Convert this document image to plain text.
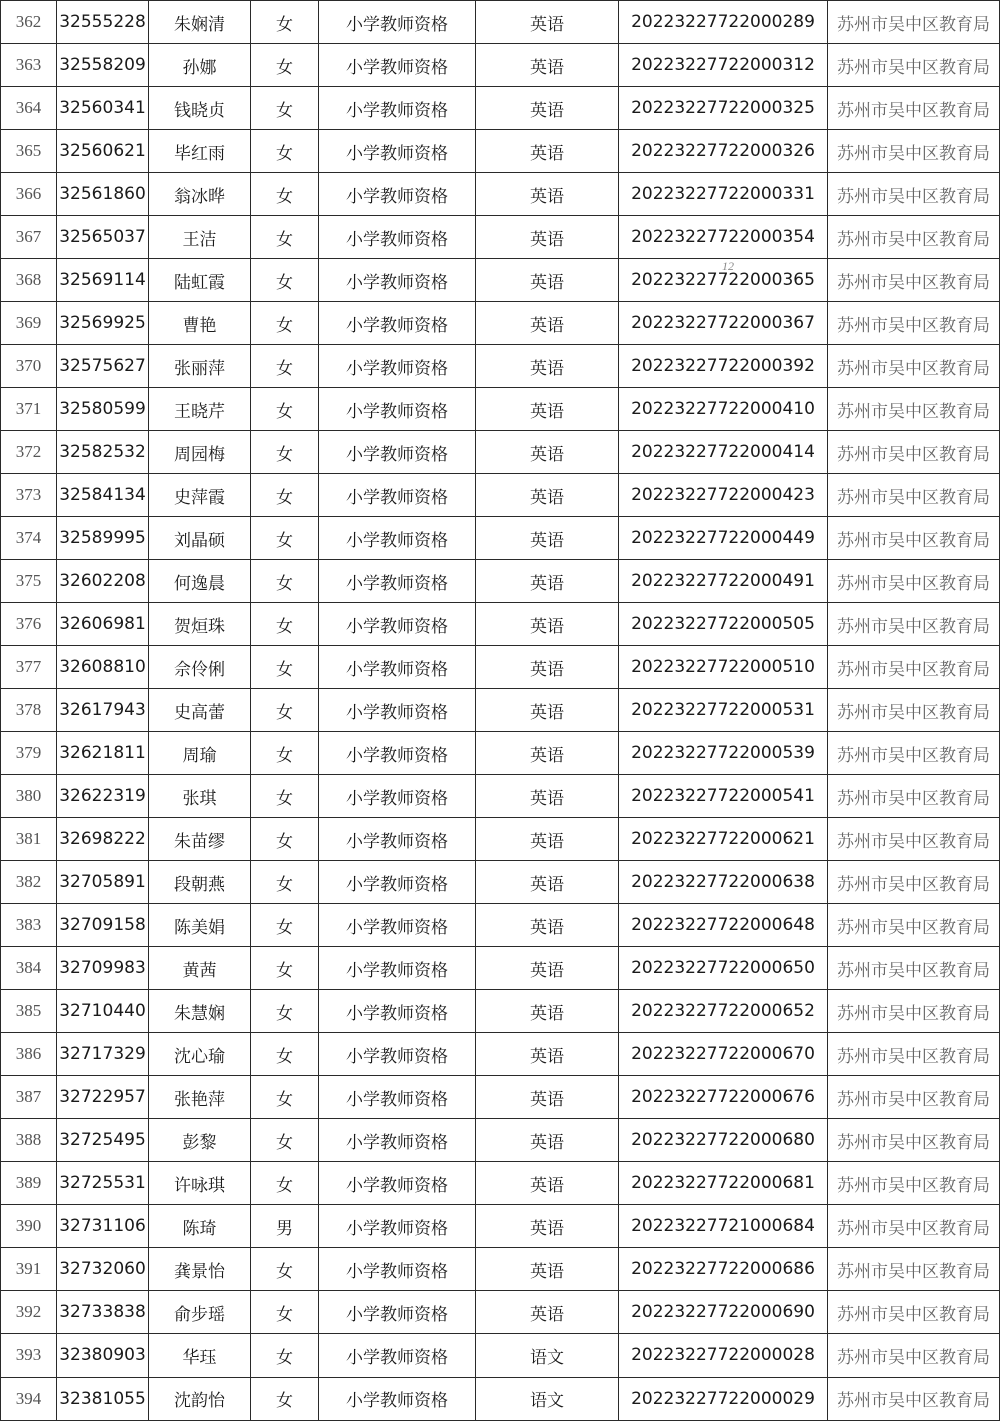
362	32555228	朱娴清	女	小学教师资格	英语	20223227722000289	苏州市吴中区教育局
363	32558209	孙娜	女	小学教师资格	英语	20223227722000312	苏州市吴中区教育局
364	32560341	钱晓贞	女	小学教师资格	英语	20223227722000325	苏州市吴中区教育局
365	32560621	毕红雨	女	小学教师资格	英语	20223227722000326	苏州市吴中区教育局
366	32561860	翁冰晔	女	小学教师资格	英语	20223227722000331	苏州市吴中区教育局
367	32565037	王洁	女	小学教师资格	英语	20223227722000354	苏州市吴中区教育局
368	32569114	陆虹霞	女	小学教师资格	英语	20223227722000365	苏州市吴中区教育局
369	32569925	曹艳	女	小学教师资格	英语	20223227722000367	苏州市吴中区教育局
370	32575627	张丽萍	女	小学教师资格	英语	20223227722000392	苏州市吴中区教育局
371	32580599	王晓芹	女	小学教师资格	英语	20223227722000410	苏州市吴中区教育局
372	32582532	周园梅	女	小学教师资格	英语	20223227722000414	苏州市吴中区教育局
373	32584134	史萍霞	女	小学教师资格	英语	20223227722000423	苏州市吴中区教育局
374	32589995	刘晶硕	女	小学教师资格	英语	20223227722000449	苏州市吴中区教育局
375	32602208	何逸晨	女	小学教师资格	英语	20223227722000491	苏州市吴中区教育局
376	32606981	贺烜珠	女	小学教师资格	英语	20223227722000505	苏州市吴中区教育局
377	32608810	佘伶俐	女	小学教师资格	英语	20223227722000510	苏州市吴中区教育局
378	32617943	史高蕾	女	小学教师资格	英语	20223227722000531	苏州市吴中区教育局
379	32621811	周瑜	女	小学教师资格	英语	20223227722000539	苏州市吴中区教育局
380	32622319	张琪	女	小学教师资格	英语	20223227722000541	苏州市吴中区教育局
381	32698222	朱苗缪	女	小学教师资格	英语	20223227722000621	苏州市吴中区教育局
382	32705891	段朝燕	女	小学教师资格	英语	20223227722000638	苏州市吴中区教育局
383	32709158	陈美娟	女	小学教师资格	英语	20223227722000648	苏州市吴中区教育局
384	32709983	黄茜	女	小学教师资格	英语	20223227722000650	苏州市吴中区教育局
385	32710440	朱慧娴	女	小学教师资格	英语	20223227722000652	苏州市吴中区教育局
386	32717329	沈心瑜	女	小学教师资格	英语	20223227722000670	苏州市吴中区教育局
387	32722957	张艳萍	女	小学教师资格	英语	20223227722000676	苏州市吴中区教育局
388	32725495	彭黎	女	小学教师资格	英语	20223227722000680	苏州市吴中区教育局
389	32725531	许咏琪	女	小学教师资格	英语	20223227722000681	苏州市吴中区教育局
390	32731106	陈琦	男	小学教师资格	英语	20223227721000684	苏州市吴中区教育局
391	32732060	龚景怡	女	小学教师资格	英语	20223227722000686	苏州市吴中区教育局
392	32733838	俞步瑶	女	小学教师资格	英语	20223227722000690	苏州市吴中区教育局
393	32380903	华珏	女	小学教师资格	语文	20223227722000028	苏州市吴中区教育局
394	32381055	沈韵怡	女	小学教师资格	语文	20223227722000029	苏州市吴中区教育局
12
